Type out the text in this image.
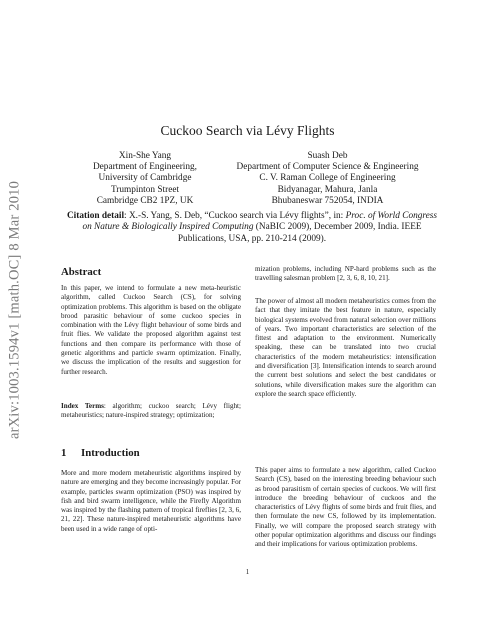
arXiv:1003.1594v1 [math.OC] 8 Mar 2010
Cuckoo Search via Lévy Flights
Xin-She Yang
Department of Engineering,
University of Cambridge
Trumpinton Street
Cambridge CB2 1PZ, UK
Suash Deb
Department of Computer Science & Engineering
C. V. Raman College of Engineering
Bidyanagar, Mahura, Janla
Bhubaneswar 752054, INDIA
Citation detail: X.-S. Yang, S. Deb, “Cuckoo search via Lévy flights”, in: Proc. of World Congress on Nature & Biologically Inspired Computing (NaBIC 2009), December 2009, India. IEEE Publications, USA, pp. 210-214 (2009).
Abstract
In this paper, we intend to formulate a new meta-heuristic algorithm, called Cuckoo Search (CS), for solving optimization problems. This algorithm is based on the obligate brood parasitic behaviour of some cuckoo species in combination with the Lévy flight behaviour of some birds and fruit flies. We validate the proposed algorithm against test functions and then compare its performance with those of genetic algorithms and particle swarm optimization. Finally, we discuss the implication of the results and suggestion for further research.
Index Terms: algorithm; cuckoo search; Lévy flight; metaheuristics; nature-inspired strategy; optimization;
1 Introduction
More and more modern metaheuristic algorithms inspired by nature are emerging and they become increasingly popular. For example, particles swarm optimization (PSO) was inspired by fish and bird swarm intelligence, while the Firefly Algorithm was inspired by the flashing pattern of tropical fireflies [2, 3, 6, 21, 22]. These nature-inspired metaheuristic algorithms have been used in a wide range of opti-
mization problems, including NP-hard problems such as the travelling salesman problem [2, 3, 6, 8, 10, 21].
The power of almost all modern metaheuristics comes from the fact that they imitate the best feature in nature, especially biological systems evolved from natural selection over millions of years. Two important characteristics are selection of the fittest and adaptation to the environment. Numerically speaking, these can be translated into two crucial characteristics of the modern metaheuristics: intensification and diversification [3]. Intensification intends to search around the current best solutions and select the best candidates or solutions, while diversification makes sure the algorithm can explore the search space efficiently.
This paper aims to formulate a new algorithm, called Cuckoo Search (CS), based on the interesting breeding behaviour such as brood parasitism of certain species of cuckoos. We will first introduce the breeding behaviour of cuckoos and the characteristics of Lévy flights of some birds and fruit flies, and then formulate the new CS, followed by its implementation. Finally, we will compare the proposed search strategy with other popular optimization algorithms and discuss our findings and their implications for various optimization problems.
1
